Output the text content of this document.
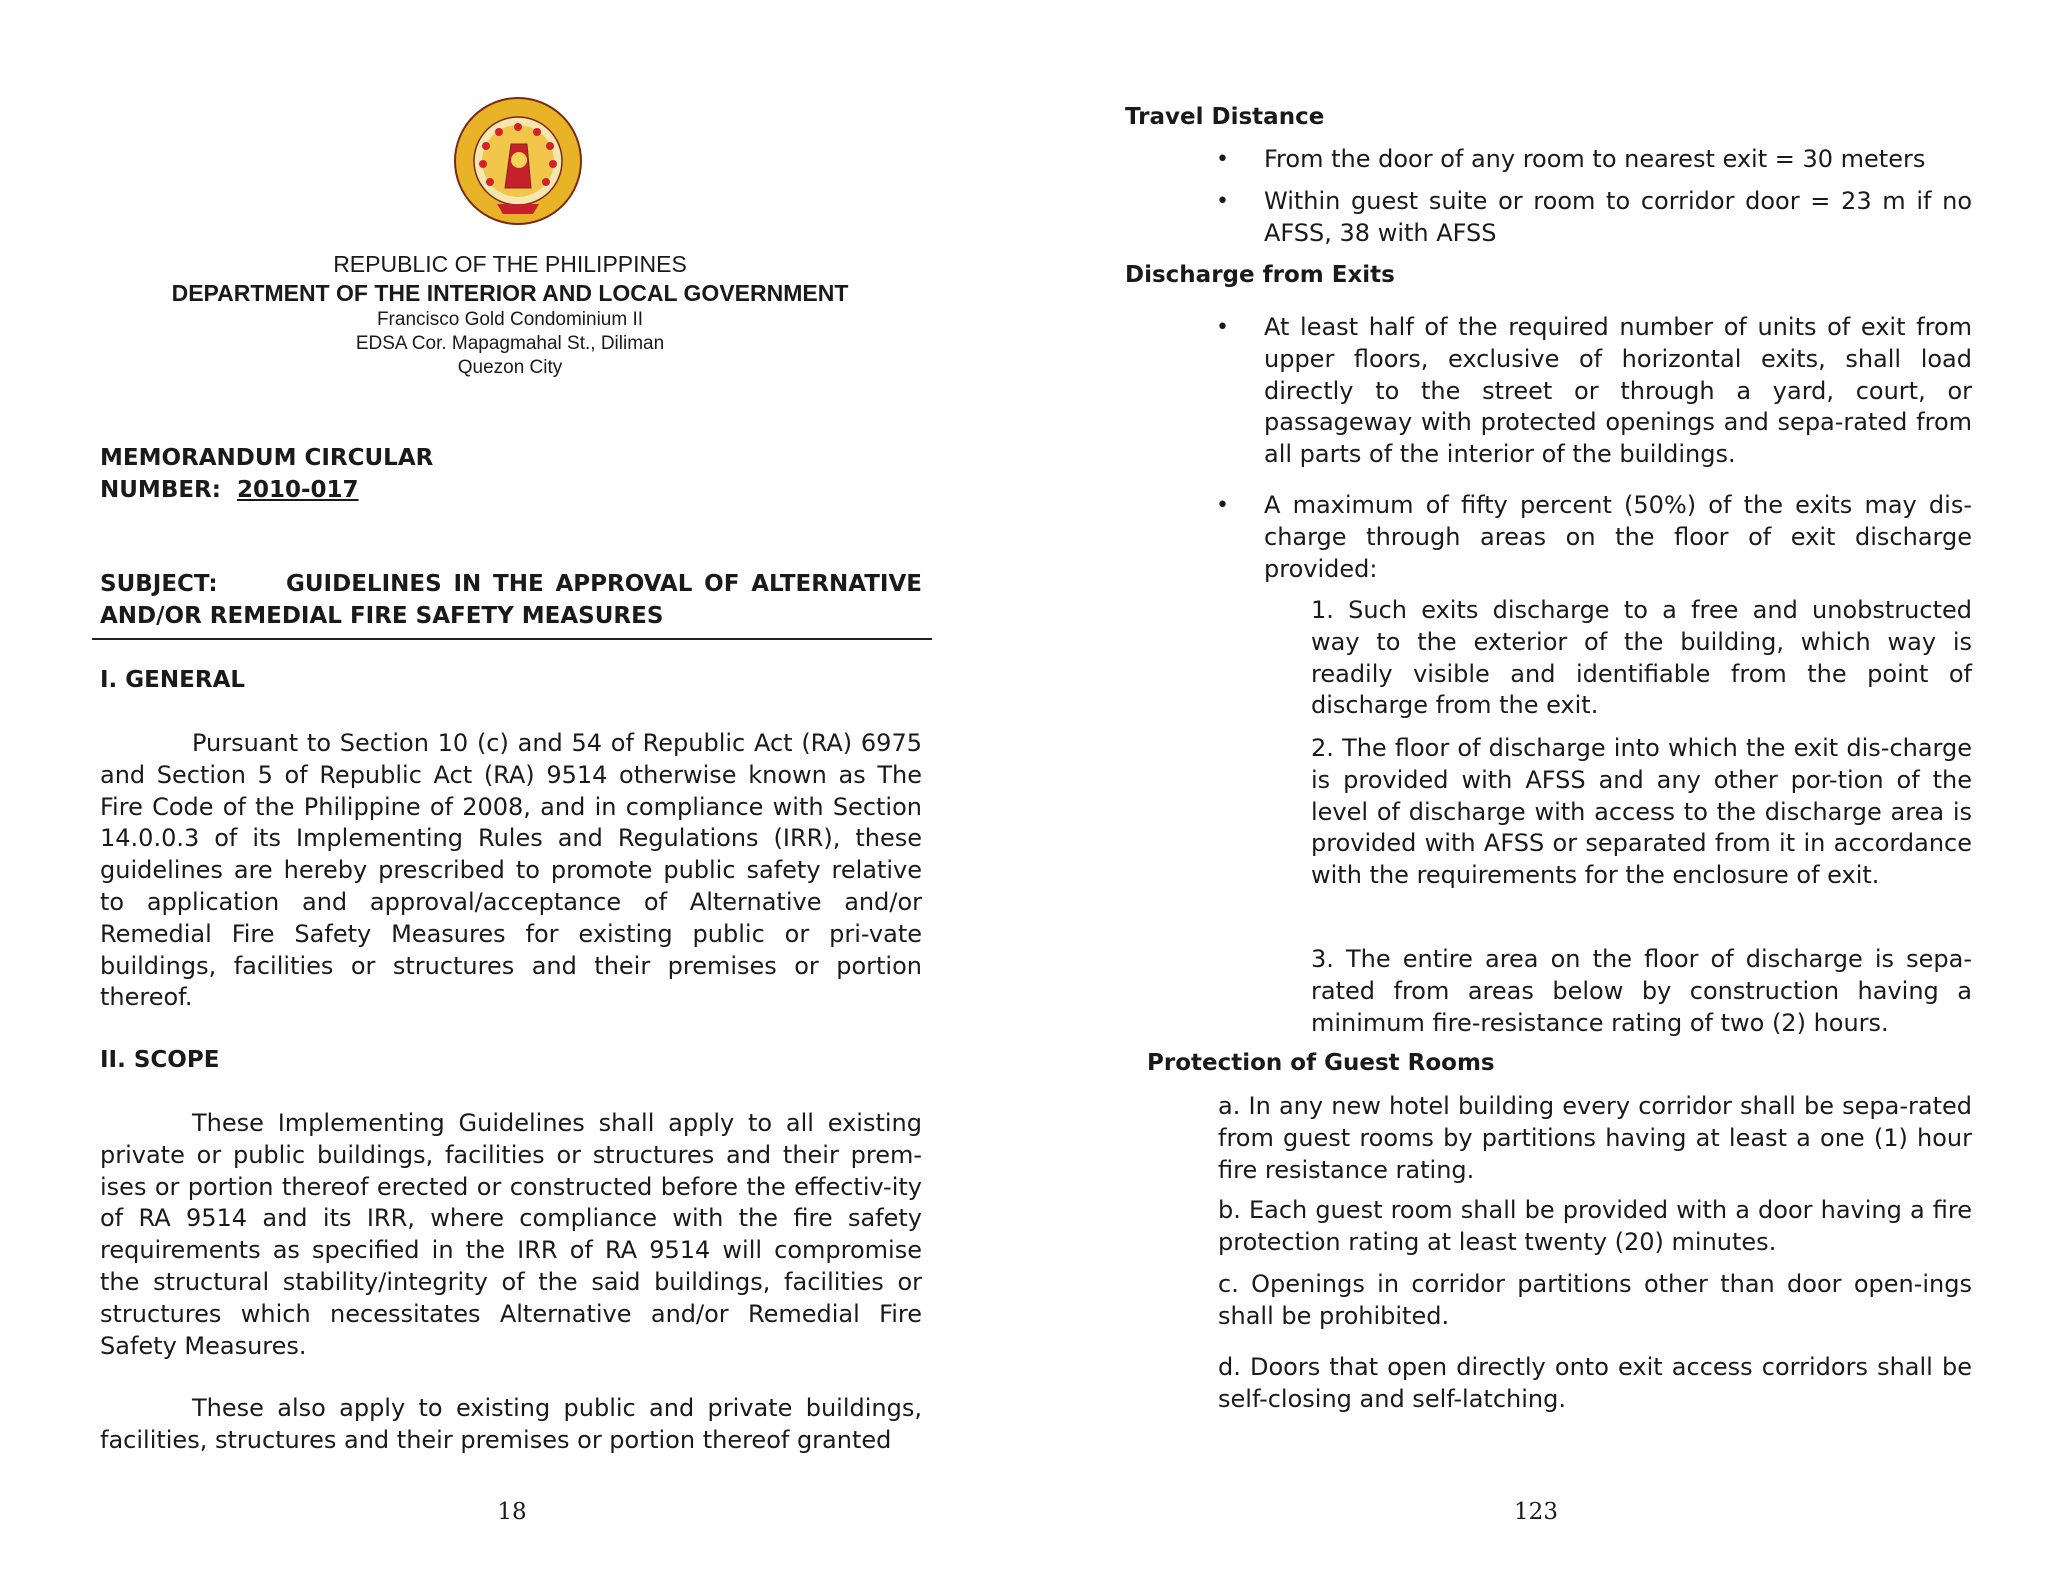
REPUBLIC OF THE PHILIPPINES
DEPARTMENT OF THE INTERIOR AND LOCAL GOVERNMENT
Francisco Gold Condominium II
EDSA Cor. Mapagmahal St., Diliman
Quezon City
MEMORANDUM CIRCULAR
NUMBER: 2010-017
SUBJECT:	GUIDELINES IN THE APPROVAL OF ALTERNATIVE AND/OR REMEDIAL FIRE SAFETY MEASURES
I. GENERAL
Pursuant to Section 10 (c) and 54 of Republic Act (RA) 6975 and Section 5 of Republic Act (RA) 9514 otherwise known as The Fire Code of the Philippine of 2008, and in compliance with Section 14.0.0.3 of its Implementing Rules and Regulations (IRR), these guidelines are hereby prescribed to promote public safety relative to application and approval/acceptance of Alternative and/or Remedial Fire Safety Measures for existing public or pri-vate buildings, facilities or structures and their premises or portion thereof.
II. SCOPE
These Implementing Guidelines shall apply to all existing private or public buildings, facilities or structures and their prem-ises or portion thereof erected or constructed before the effectiv-ity of RA 9514 and its IRR, where compliance with the fire safety requirements as specified in the IRR of RA 9514 will compromise the structural stability/integrity of the said buildings, facilities or structures which necessitates Alternative and/or Remedial Fire Safety Measures.
These also apply to existing public and private buildings, facilities, structures and their premises or portion thereof granted
18
Travel Distance
• From the door of any room to nearest exit = 30 meters
• Within guest suite or room to corridor door = 23 m if no AFSS, 38 with AFSS
Discharge from Exits
• At least half of the required number of units of exit from upper floors, exclusive of horizontal exits, shall load directly to the street or through a yard, court, or passageway with protected openings and sepa-rated from all parts of the interior of the buildings.
• A maximum of fifty percent (50%) of the exits may dis-charge through areas on the floor of exit discharge provided:
1. Such exits discharge to a free and unobstructed way to the exterior of the building, which way is readily visible and identifiable from the point of discharge from the exit.
2. The floor of discharge into which the exit dis-charge is provided with AFSS and any other por-tion of the level of discharge with access to the discharge area is provided with AFSS or separated from it in accordance with the requirements for the enclosure of exit.
3. The entire area on the floor of discharge is sepa-rated from areas below by construction having a minimum fire-resistance rating of two (2) hours.
Protection of Guest Rooms
a. In any new hotel building every corridor shall be sepa-rated from guest rooms by partitions having at least a one (1) hour fire resistance rating.
b. Each guest room shall be provided with a door having a fire protection rating at least twenty (20) minutes.
c. Openings in corridor partitions other than door open-ings shall be prohibited.
d. Doors that open directly onto exit access corridors shall be self-closing and self-latching.
123
